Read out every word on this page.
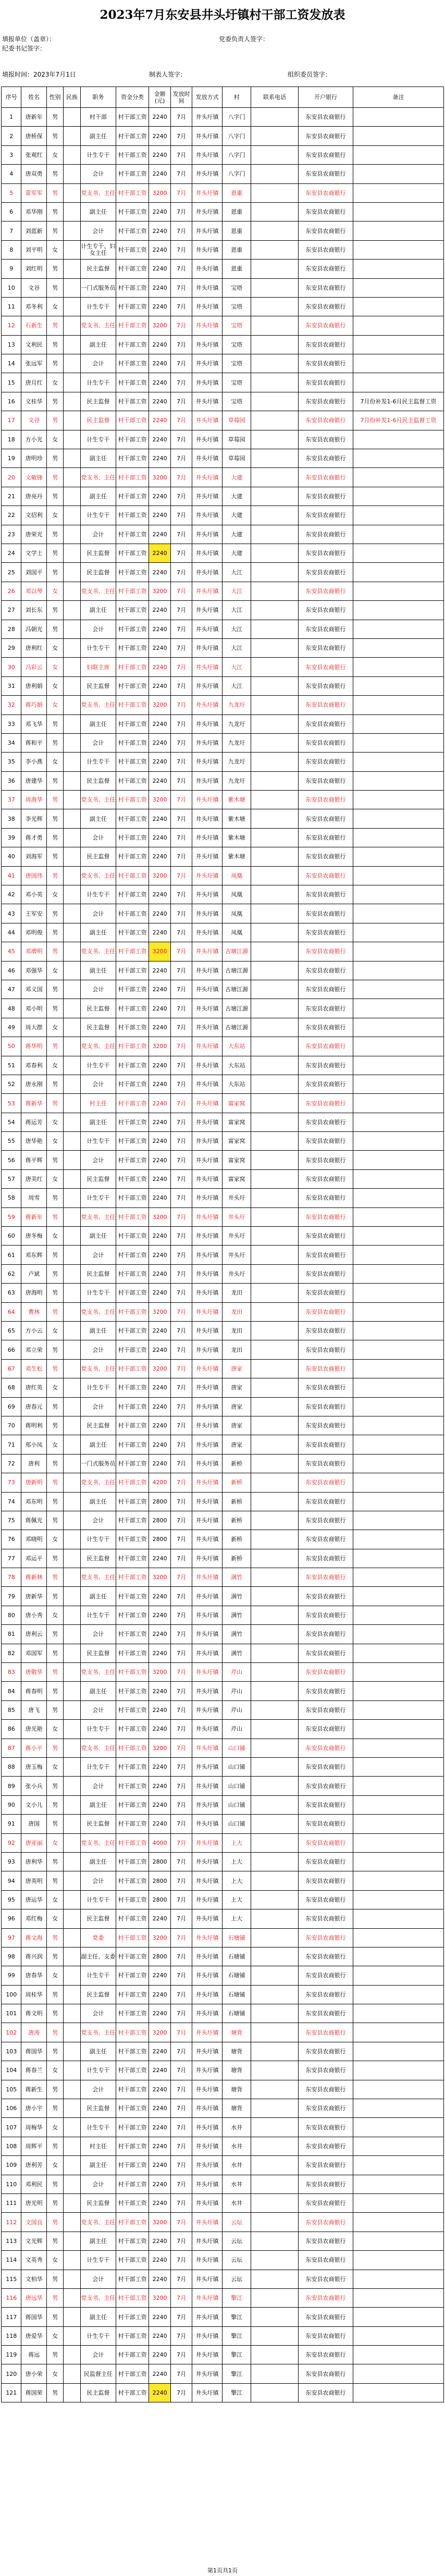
2023年7月东安县井头圩镇村干部工资发放表
填报单位（盖章）：	党委负责人签字：
纪委书记签字：
填报时间：2023年7月1日	制表人签字：	组织委员签字：
序号	姓名	性别	民族	职务	资金分类	金额(元)	发放时间	发放方式	村	联系电话	开户银行	备注
1	唐新年	男		村干部	村干部工资	2240	7月	井头圩镇	八字门		东安县农商银行	
2	唐桥保	男		副主任	村干部工资	2240	7月	井头圩镇	八字门		东安县农商银行	
3	张观红	女		计生专干	村干部工资	2240	7月	井头圩镇	八字门		东安县农商银行	
4	唐双勇	男		会计	村干部工资	2240	7月	井头圩镇	八字门		东安县农商银行	
5	雷军军	男		党支书、主任	村干部工资	3200	7月	井头圩镇	恩重		东安县农商银行	
6	邓华刚	男		副主任	村干部工资	2240	7月	井头圩镇	恩重		东安县农商银行	
7	刘蓝新	男		会计	村干部工资	2240	7月	井头圩镇	恩重		东安县农商银行	
8	刘平明	女		计生专干、妇女主任	村干部工资	2240	7月	井头圩镇	恩重		东安县农商银行	
9	刘红明	男		民主监督	村干部工资	2240	7月	井头圩镇	恩重		东安县农商银行	
10	文谷	男		一门式服务员	村干部工资	2240	7月	井头圩镇	宝塔		东安县农商银行	
11	邓冬利	女		计生专干	村干部工资	2240	7月	井头圩镇	宝塔		东安县农商银行	
12	石新生	男		党支书、主任	村干部工资	3200	7月	井头圩镇	宝塔		东安县农商银行	
13	文利民	男		副主任	村干部工资	2240	7月	井头圩镇	宝塔		东安县农商银行	
14	张远军	男		会计	村干部工资	2240	7月	井头圩镇	宝塔		东安县农商银行	
15	唐月红	女		计生专干	村干部工资	2240	7月	井头圩镇	宝塔		东安县农商银行	
16	文桂华	男		民主监督	村干部工资	2240	7月	井头圩镇	宝塔		东安县农商银行	7月份补发1-6月民主监督工资
17	文谷	男		民主监督	村干部工资	2240	7月	井头圩镇	草莓园		东安县农商银行	7月份补发1-6月民主监督工资
18	方小光	女		计生专干	村干部工资	2240	7月	井头圩镇	草莓园		东安县农商银行	
19	唐明珍	男		副主任	村干部工资	2240	7月	井头圩镇	草莓园		东安县农商银行	
20	文敏锋	男		党支书、主任	村干部工资	3200	7月	井头圩镇	大建		东安县农商银行	
21	唐亮丹	男		副主任	村干部工资	2240	7月	井头圩镇	大建		东安县农商银行	
22	文招利	女		计生专干	村干部工资	2240	7月	井头圩镇	大建		东安县农商银行	
23	唐荣光	男		会计	村干部工资	2240	7月	井头圩镇	大建		东安县农商银行	
24	文学士	男		民主监督	村干部工资	2240	7月	井头圩镇	大建		东安县农商银行	
25	刘国平	男		民主监督	村干部工资	2240	7月	井头圩镇	大江		东安县农商银行	
26	邓以琴	女		党支书、主任	村干部工资	3200	7月	井头圩镇	大江		东安县农商银行	
27	刘长东	男		副主任	村干部工资	2240	7月	井头圩镇	大江		东安县农商银行	
28	冯朝光	男		会计	村干部工资	2240	7月	井头圩镇	大江		东安县农商银行	
29	唐利红	女		计生专干	村干部工资	2240	7月	井头圩镇	大江		东安县农商银行	
30	冯彩云	女		妇联主席	村干部工资	2240	7月	井头圩镇	大江		东安县农商银行	
31	唐利娟	女		民主监督	村干部工资	2240	7月	井头圩镇	大江		东安县农商银行	
32	蒋巧娟	女		党支书、主任	村干部工资	3200	7月	井头圩镇	九龙圩		东安县农商银行	
33	邓飞华	男		副主任	村干部工资	2240	7月	井头圩镇	九龙圩		东安县农商银行	
34	蒋和平	男		会计	村干部工资	2240	7月	井头圩镇	九龙圩		东安县农商银行	
35	李小燕	女		计生专干	村干部工资	2240	7月	井头圩镇	九龙圩		东安县农商银行	
36	唐建华	男		民主监督	村干部工资	2240	7月	井头圩镇	九龙圩		东安县农商银行	
37	周海华	男		党支书、主任	村干部工资	3200	7月	井头圩镇	紫木塘		东安县农商银行	
38	李光辉	男		副主任	村干部工资	2240	7月	井头圩镇	紫木塘		东安县农商银行	
39	蒋才勇	男		会计	村干部工资	2240	7月	井头圩镇	紫木塘		东安县农商银行	
40	刘海军	男		民主监督	村干部工资	2240	7月	井头圩镇	紫木塘		东安县农商银行	
41	唐国伟	男		党支书、主任	村干部工资	3200	7月	井头圩镇	凤凰		东安县农商银行	
42	邓小英	女		计生专干	村干部工资	2240	7月	井头圩镇	凤凰		东安县农商银行	
43	王军安	男		会计	村干部工资	2240	7月	井头圩镇	凤凰		东安县农商银行	
44	邓明俊	男		副主任	村干部工资	2240	7月	井头圩镇	凤凰		东安县农商银行	
45	邓增明	男		党支书、主任	村干部工资	3200	7月	井头圩镇	古塘江源		东安县农商银行	
46	邓强华	女		副主任	村干部工资	2240	7月	井头圩镇	古塘江源		东安县农商银行	
47	邓义国	男		会计	村干部工资	2240	7月	井头圩镇	古塘江源		东安县农商银行	
48	邓小明	男		民主监督	村干部工资	2240	7月	井头圩镇	古塘江源		东安县农商银行	
49	周大群	女		民主监督	村干部工资	2240	7月	井头圩镇	古塘江源		东安县农商银行	
50	蒋华明	男		党支书、主任	村干部工资	3200	7月	井头圩镇	大东站		东安县农商银行	
51	邓春利	女		计生专干	村干部工资	2240	7月	井头圩镇	大东站		东安县农商银行	
52	唐永刚	男		会计	村干部工资	2240	7月	井头圩镇	大东站		东安县农商银行	
53	蒋新华	男		村主任	村干部工资	2240	7月	井头圩镇	富家窝		东安县农商银行	
54	蒋运芳	女		副主任	村干部工资	2240	7月	井头圩镇	富家窝		东安县农商银行	
55	唐华艳	女		计生专干	村干部工资	2240	7月	井头圩镇	富家窝		东安县农商银行	
56	蒋平辉	男		会计	村干部工资	2240	7月	井头圩镇	富家窝		东安县农商银行	
57	唐美红	女		民主监督	村干部工资	2240	7月	井头圩镇	富家窝		东安县农商银行	
58	周雪	男		计生专干	村干部工资	2240	7月	井头圩镇	井头圩		东安县农商银行	
59	蒋新年	男		党支书、主任	村干部工资	3200	7月	井头圩镇	井头圩		东安县农商银行	
60	唐冬梅	女		副主任	村干部工资	2240	7月	井头圩镇	井头圩		东安县农商银行	
61	邓东辉	男		会计	村干部工资	2240	7月	井头圩镇	井头圩		东安县农商银行	
62	卢斌	男		民主监督	村干部工资	2240	7月	井头圩镇	井头圩		东安县农商银行	
63	唐海明	男		计生专干	村干部工资	2240	7月	井头圩镇	龙田		东安县农商银行	
64	曹林	男		党支书、主任	村干部工资	3200	7月	井头圩镇	龙田		东安县农商银行	
65	方小云	女		副主任	村干部工资	2240	7月	井头圩镇	龙田		东安县农商银行	
66	邓立荣	男		会计	村干部工资	2240	7月	井头圩镇	龙田		东安县农商银行	
67	邓生松	男		党支书、主任	村干部工资	3200	7月	井头圩镇	唐家		东安县农商银行	
68	唐红英	女		计生专干	村干部工资	2240	7月	井头圩镇	唐家		东安县农商银行	
69	唐春元	男		会计	村干部工资	2240	7月	井头圩镇	唐家		东安县农商银行	
70	蒋明利	男		民主监督	村干部工资	2240	7月	井头圩镇	唐家		东安县农商银行	
71	郑小凤	女		副主任	村干部工资	2240	7月	井头圩镇	唐家		东安县农商银行	
72	唐利	男		一门式服务员	村干部工资	2240	7月	井头圩镇	新桥		东安县农商银行	
73	唐新明	男		党支书、主任	村干部工资	4200	7月	井头圩镇	新桥		东安县农商银行	
74	邓东明	男		副主任	村干部工资	2800	7月	井头圩镇	新桥		东安县农商银行	
75	蒋佩光	男		会计	村干部工资	2800	7月	井头圩镇	新桥		东安县农商银行	
76	邓晓明	女		计生专干	村干部工资	2800	7月	井头圩镇	新桥		东安县农商银行	
77	邓运平	男		民主监督	村干部工资	2240	7月	井头圩镇	新桥		东安县农商银行	
78	蒋新林	男		党支书、主任	村干部工资	3200	7月	井头圩镇	满竹		东安县农商银行	
79	唐新华	男		副主任	村干部工资	2240	7月	井头圩镇	满竹		东安县农商银行	
80	唐小秀	女		计生专干	村干部工资	2240	7月	井头圩镇	满竹		东安县农商银行	
81	唐利云	男		会计	村干部工资	2240	7月	井头圩镇	满竹		东安县农商银行	
82	邓国军	男		民主监督	村干部工资	2240	7月	井头圩镇	满竹		东安县农商银行	
83	唐敬华	男		党支书、主任	村干部工资	3200	7月	井头圩镇	芹山		东安县农商银行	
84	蒋春明	男		副主任	村干部工资	2240	7月	井头圩镇	芹山		东安县农商银行	
85	唐飞	男		会计	村干部工资	2240	7月	井头圩镇	芹山		东安县农商银行	
86	唐光艳	女		计生专干	村干部工资	2240	7月	井头圩镇	芹山		东安县农商银行	
87	蒋小平	男		党支书、主任	村干部工资	3200	7月	井头圩镇	山口铺		东安县农商银行	
88	唐玉梅	女		计生专干	村干部工资	2240	7月	井头圩镇	山口铺		东安县农商银行	
89	张小兵	男		会计	村干部工资	2240	7月	井头圩镇	山口铺		东安县农商银行	
90	文小儿	男		副主任	村干部工资	2240	7月	井头圩镇	山口铺		东安县农商银行	
91	唐国	男		民主监督	村干部工资	2240	7月	井头圩镇	山口铺		东安县农商银行	
92	唐亚丽	女		党支书、主任	村干部工资	4000	7月	井头圩镇	上大		东安县农商银行	
93	唐利华	男		副主任	村干部工资	2800	7月	井头圩镇	上大		东安县农商银行	
94	唐英明	男		会计	村干部工资	2800	7月	井头圩镇	上大		东安县农商银行	
95	唐运华	女		计生专干	村干部工资	2800	7月	井头圩镇	上大		东安县农商银行	
96	邓红梅	女		民主监督	村干部工资	2240	7月	井头圩镇	上大		东安县农商银行	
97	蒋文海	男		党委	村干部工资	3200	7月	井头圩镇	石塘铺		东安县农商银行	
98	蒋兴润	男		副主任、支委	村干部工资	2800	7月	井头圩镇	石塘铺		东安县农商银行	
99	唐春华	女		计生专干	村干部工资	2240	7月	井头圩镇	石塘铺		东安县农商银行	
100	周桂华	男		民主监督	村干部工资	2240	7月	井头圩镇	石塘铺		东安县农商银行	
101	蒋文明	男		会计	村干部工资	2240	7月	井头圩镇	石塘铺		东安县农商银行	
102	唐涛	男		党支书、主任	村干部工资	3200	7月	井头圩镇	塘背		东安县农商银行	
103	蒋国华	男		副主任	村干部工资	2240	7月	井头圩镇	塘背		东安县农商银行	
104	蒋春兰	女		计生专干	村干部工资	2240	7月	井头圩镇	塘背		东安县农商银行	
105	蒋新生	男		会计	村干部工资	2240	7月	井头圩镇	塘背		东安县农商银行	
106	唐小宇	男		民主监督	村干部工资	2240	7月	井头圩镇	塘背		东安县农商银行	
107	周梅华	女		计生专干	村干部工资	2240	7月	井头圩镇	水井		东安县农商银行	
108	周辉平	男		村主任	村干部工资	2240	7月	井头圩镇	水井		东安县农商银行	
109	唐利芳	女		副主任	村干部工资	2240	7月	井头圩镇	水井		东安县农商银行	
110	邓利民	男		会计	村干部工资	2240	7月	井头圩镇	水井		东安县农商银行	
111	唐光明	男		民主监督	村干部工资	2240	7月	井头圩镇	水井		东安县农商银行	
112	文国良	男		党支书、主任	村干部工资	3200	7月	井头圩镇	云坛		东安县农商银行	
113	文光辉	男		副主任	村干部工资	2240	7月	井头圩镇	云坛		东安县农商银行	
114	文英秀	女		计生专干	村干部工资	2240	7月	井头圩镇	云坛		东安县农商银行	
115	文柏华	男		会计	村干部工资	2240	7月	井头圩镇	云坛		东安县农商银行	
116	唐远华	男		党支书、主任	村干部工资	3200	7月	井头圩镇	擎江		东安县农商银行	
117	蒋国华	男		副主任	村干部工资	2240	7月	井头圩镇	擎江		东安县农商银行	
118	唐爱华	女		计生专干	村干部工资	2240	7月	井头圩镇	擎江		东安县农商银行	
119	蒋远	男		会计	村干部工资	2240	7月	井头圩镇	擎江		东安县农商银行	
120	唐小荣	女		民监督主任	村干部工资	2240	7月	井头圩镇	擎江		东安县农商银行	
121	蒋国荣	男		民主监督	村干部工资	2240	7月	井头圩镇	擎江		东安县农商银行	
第1页共1页
